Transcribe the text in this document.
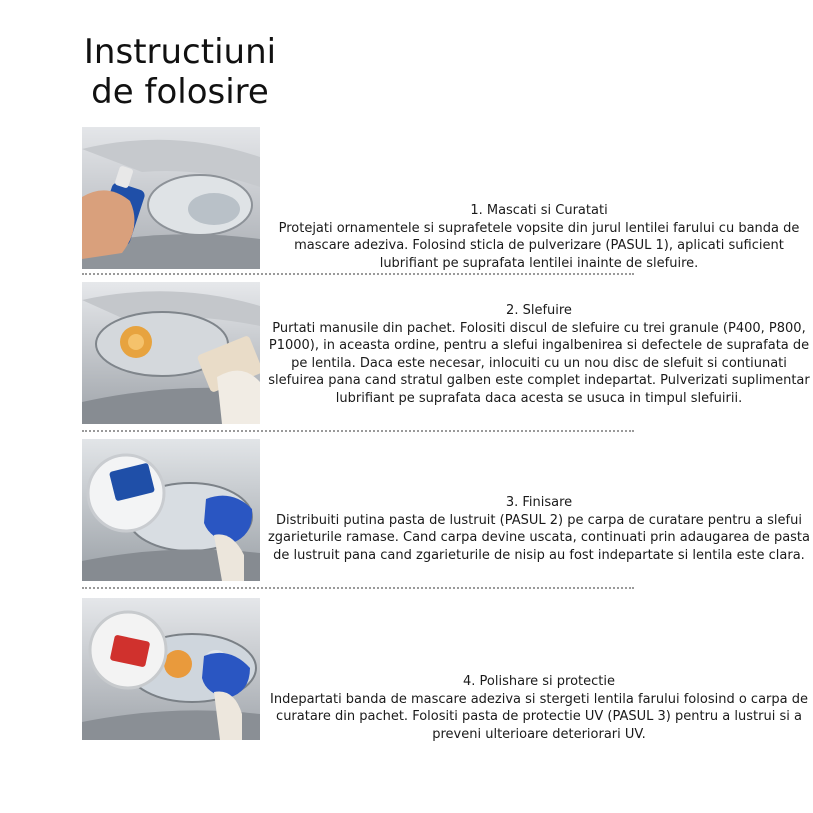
Instructiuni
de folosire
1. Mascati si Curatati
Protejati ornamentele si suprafetele vopsite din jurul lentilei farului cu banda de mascare adeziva. Folosind sticla de pulverizare (PASUL 1), aplicati suficient lubrifiant pe suprafata lentilei inainte de slefuire.
2. Slefuire
Purtati manusile din pachet. Folositi discul de slefuire cu trei granule (P400, P800, P1000), in aceasta ordine, pentru a slefui ingalbenirea si defectele de suprafata de pe lentila. Daca este necesar, inlocuiti cu un nou disc de slefuit si contiunati slefuirea pana cand stratul galben este complet indepartat. Pulverizati suplimentar lubrifiant pe suprafata daca acesta se usuca in timpul slefuirii.
3. Finisare
Distribuiti putina pasta de lustruit (PASUL 2) pe carpa de curatare pentru a slefui zgarieturile ramase. Cand carpa devine uscata, continuati prin adaugarea de pasta de lustruit pana cand zgarieturile de nisip au fost indepartate si lentila este clara.
4. Polishare si protectie
Indepartati banda de mascare adeziva si stergeti lentila farului folosind o carpa de curatare din pachet. Folositi pasta de protectie UV (PASUL 3) pentru a lustrui si a preveni ulterioare deteriorari UV.
